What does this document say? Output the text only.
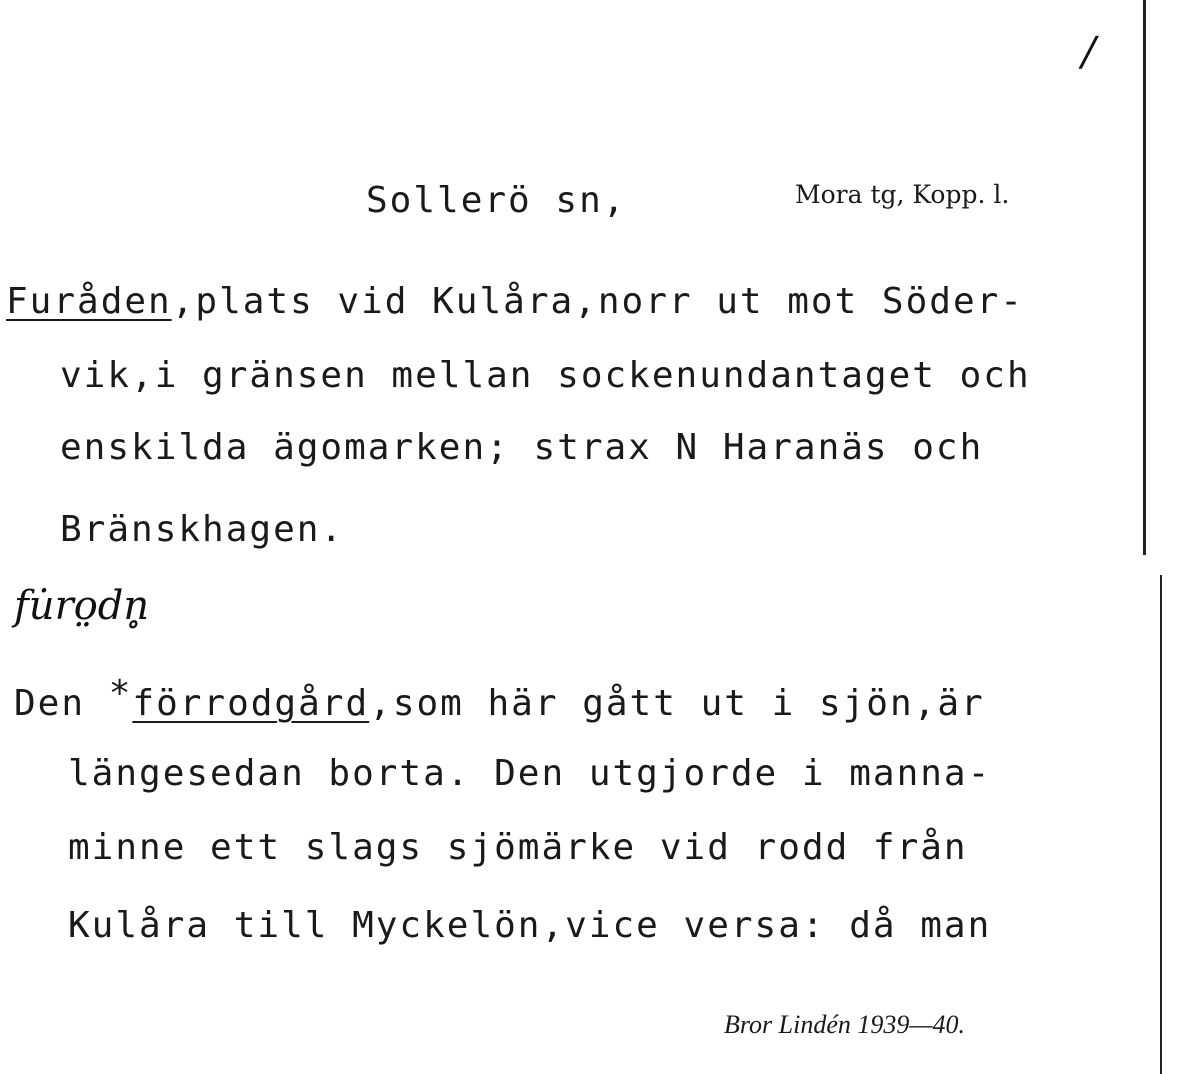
/
Sollerö sn,	Mora tg, Kopp. l.
Furåden,plats vid Kulåra,norr ut mot Söder-
vik,i gränsen mellan sockenundantaget och
enskilda ägomarken; strax N Haranäs och
Bränskhagen.
fu̇ro̤dn̥
Den *förrodgård,som här gått ut i sjön,är
längesedan borta. Den utgjorde i manna-
minne ett slags sjömärke vid rodd från
Kulåra till Myckelön,vice versa: då man
Bror Lindén 1939—40.
